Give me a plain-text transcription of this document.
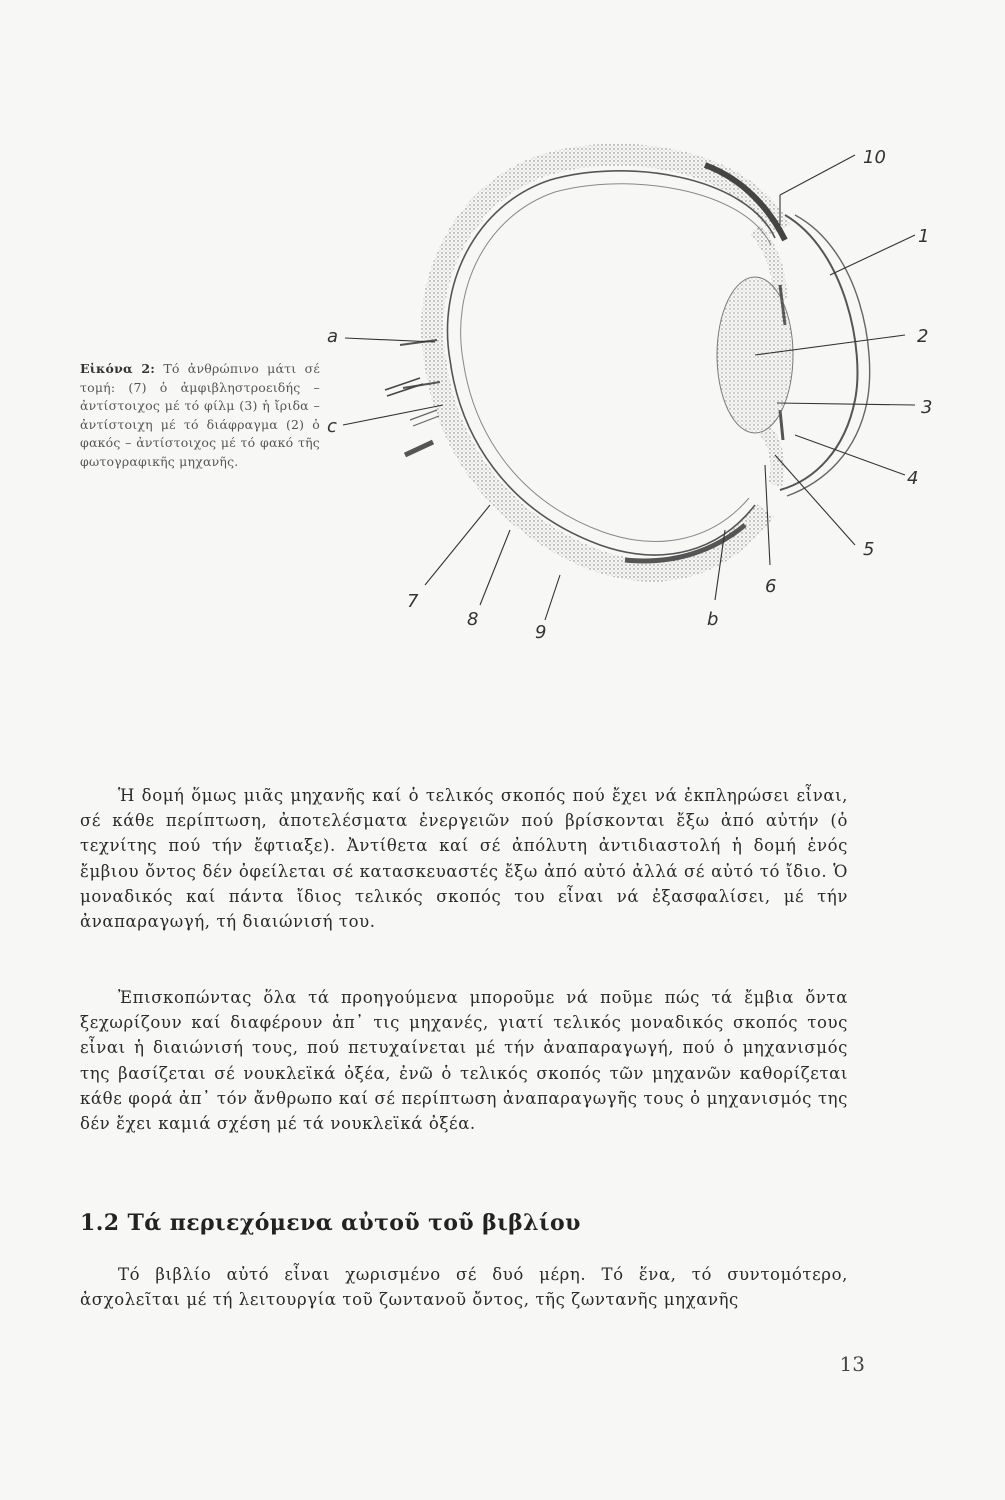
10
1
2
3
4
5
6
b
9
8
7
a
c
Εἰκόνα 2: Τό ἀνθρώπινο μάτι σέ τομή: (7) ὁ ἀμφιβληστροειδής – ἀντίστοιχος μέ τό φίλμ (3) ἡ ἴριδα – ἀντίστοιχη μέ τό διάφραγμα (2) ὁ φακός – ἀντίστοιχος μέ τό φακό τῆς φωτογραφικῆς μηχανῆς.

Ἡ δομή ὅμως μιᾶς μηχανῆς καί ὁ τελικός σκοπός πού ἔχει νά ἐκπληρώσει εἶναι, σέ κάθε περίπτωση, ἀποτελέσματα ἐνεργειῶν πού βρίσκονται ἔξω ἀπό αὐτήν (ὁ τεχνίτης πού τήν ἔφτιαξε). Ἀντίθετα καί σέ ἀπόλυτη ἀντιδιαστολή ἡ δομή ἑνός ἔμβιου ὄντος δέν ὀφείλεται σέ κατασκευαστές ἔξω ἀπό αὐτό ἀλλά σέ αὐτό τό ἴδιο. Ὁ μοναδικός καί πάντα ἴδιος τελικός σκοπός του εἶναι νά ἐξασφαλίσει, μέ τήν ἀναπαραγωγή, τή διαιώνισή του.

Ἐπισκοπώντας ὅλα τά προηγούμενα μποροῦμε νά ποῦμε πώς τά ἔμβια ὄντα ξεχωρίζουν καί διαφέρουν ἀπ᾿ τις μηχανές, γιατί τελικός μοναδικός σκοπός τους εἶναι ἡ διαιώνισή τους, πού πετυχαίνεται μέ τήν ἀναπαραγωγή, πού ὁ μηχανισμός της βασίζεται σέ νουκλεϊκά ὀξέα, ἐνῶ ὁ τελικός σκοπός τῶν μηχανῶν καθορίζεται κάθε φορά ἀπ᾿ τόν ἄνθρωπο καί σέ περίπτωση ἀναπαραγωγῆς τους ὁ μηχανισμός της δέν ἔχει καμιά σχέση μέ τά νουκλεϊκά ὀξέα.

1.2 Τά περιεχόμενα αὐτοῦ τοῦ βιβλίου

Τό βιβλίο αὐτό εἶναι χωρισμένο σέ δυό μέρη. Τό ἕνα, τό συντομότερο, ἀσχολεῖται μέ τή λειτουργία τοῦ ζωντανοῦ ὄντος, τῆς ζωντανῆς μηχανῆς

13
